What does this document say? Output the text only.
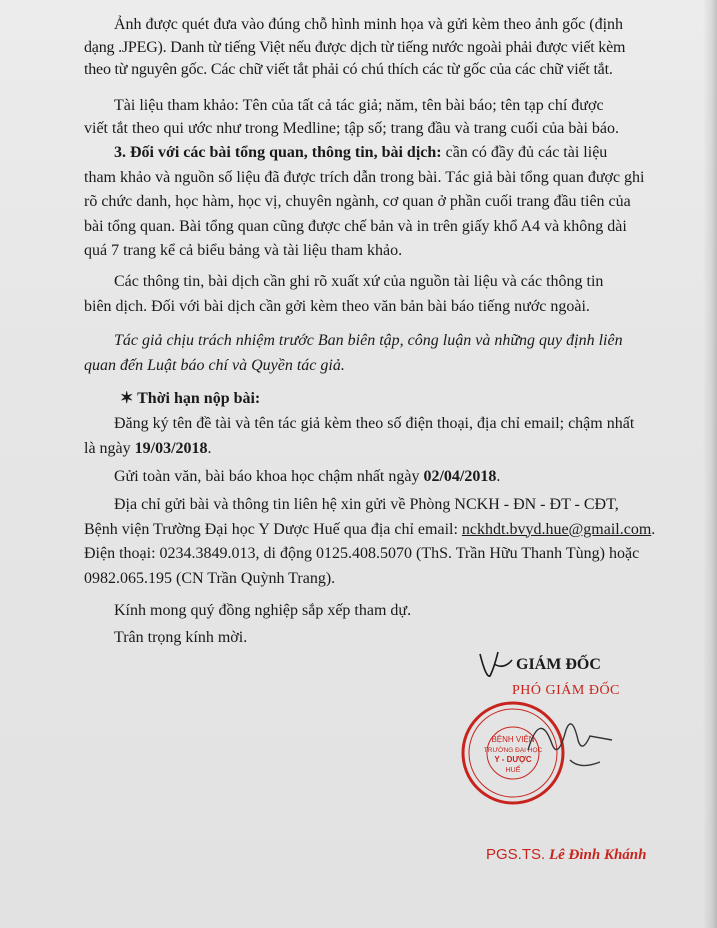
Ảnh được quét đưa vào đúng chỗ hình minh họa và gửi kèm theo ảnh gốc (định

dạng .JPEG). Danh từ tiếng Việt nếu được dịch từ tiếng nước ngoài phải được viết kèm

theo từ nguyên gốc. Các chữ viết tắt phải có chú thích các từ gốc của các chữ viết tắt.

Tài liệu tham khảo: Tên của tất cả tác giả; năm, tên bài báo; tên tạp chí được

viết tắt theo qui ước như trong Medline; tập số; trang đầu và trang cuối của bài báo.

3. Đối với các bài tổng quan, thông tin, bài dịch: cần có đầy đủ các tài liệu

tham khảo và nguồn số liệu đã được trích dẫn trong bài. Tác giả bài tổng quan được ghi

rõ chức danh, học hàm, học vị, chuyên ngành, cơ quan ở phần cuối trang đầu tiên của

bài tổng quan. Bài tổng quan cũng được chế bản và in trên giấy khổ A4 và không dài

quá 7 trang kể cả biểu bảng và tài liệu tham khảo.

Các thông tin, bài dịch cần ghi rõ xuất xứ của nguồn tài liệu và các thông tin

biên dịch. Đối với bài dịch cần gởi kèm theo văn bản bài báo tiếng nước ngoài.

Tác giả chịu trách nhiệm trước Ban biên tập, công luận và những quy định liên

quan đến Luật báo chí và Quyền tác giả.

✶ Thời hạn nộp bài:

Đăng ký tên đề tài và tên tác giả kèm theo số điện thoại, địa chỉ email; chậm nhất

là ngày 19/03/2018.

Gửi toàn văn, bài báo khoa học chậm nhất ngày 02/04/2018.

Địa chỉ gửi bài và thông tin liên hệ xin gửi về Phòng NCKH - ĐN - ĐT - CĐT,

Bệnh viện Trường Đại học Y Dược Huế qua địa chỉ email: nckhdt.bvyd.hue@gmail.com.

Điện thoại: 0234.3849.013, di động 0125.408.5070 (ThS. Trần Hữu Thanh Tùng) hoặc

0982.065.195 (CN Trần Quỳnh Trang).

Kính mong quý đồng nghiệp sắp xếp tham dự.

Trân trọng kính mời.

GIÁM ĐỐC
PHÓ GIÁM ĐỐC
BỆNH VIỆN
TRƯỜNG ĐẠI HỌC
Y - DƯỢC
HUẾ
PGS.TS. Lê Đình Khánh
